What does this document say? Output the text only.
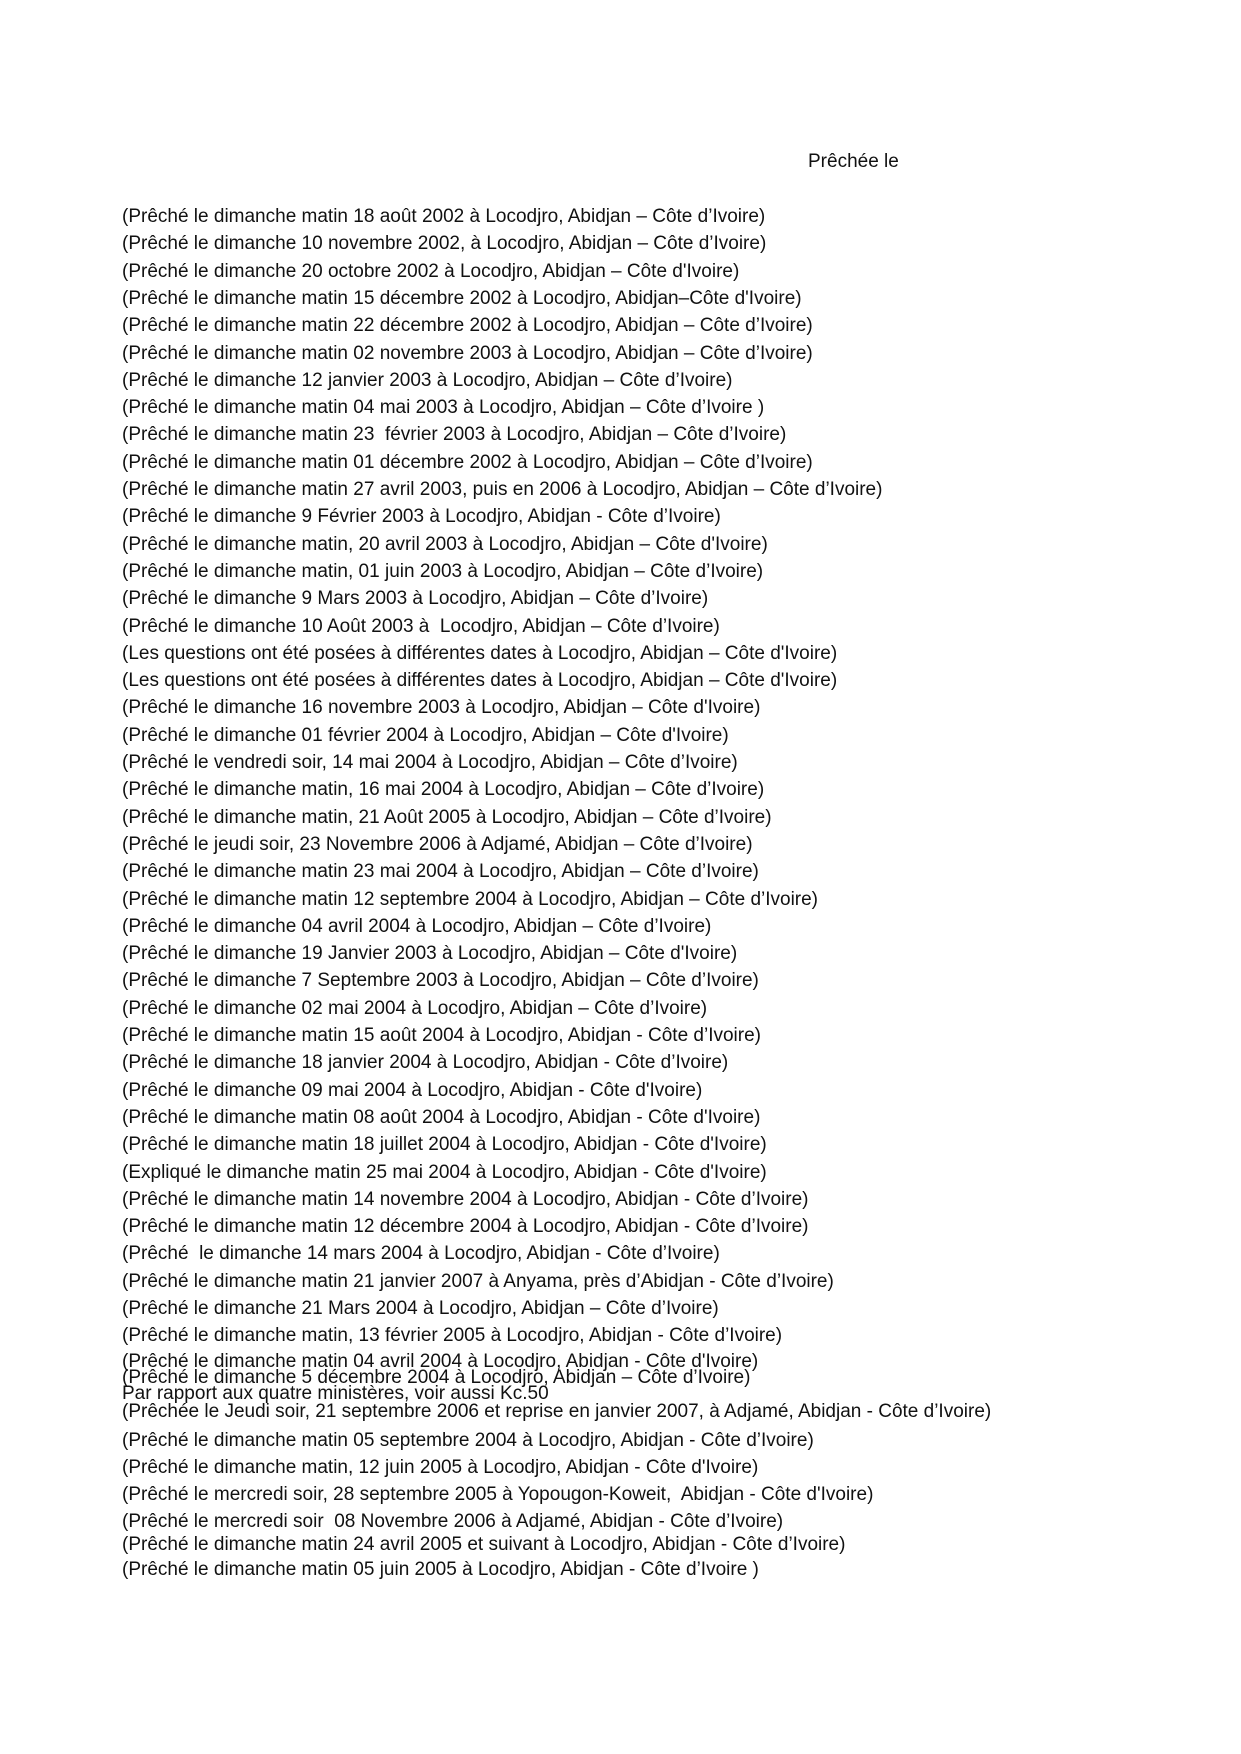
Prêchée le
(Prêché le dimanche matin 18 août 2002 à Locodjro, Abidjan – Côte d’Ivoire)
(Prêché le dimanche 10 novembre 2002, à Locodjro, Abidjan – Côte d’Ivoire)
(Prêché le dimanche 20 octobre 2002 à Locodjro, Abidjan – Côte d'Ivoire)
(Prêché le dimanche matin 15 décembre 2002 à Locodjro, Abidjan–Côte d'Ivoire)
(Prêché le dimanche matin 22 décembre 2002 à Locodjro, Abidjan – Côte d’Ivoire)
(Prêché le dimanche matin 02 novembre 2003 à Locodjro, Abidjan – Côte d’Ivoire)
(Prêché le dimanche 12 janvier 2003 à Locodjro, Abidjan – Côte d’Ivoire)
(Prêché le dimanche matin 04 mai 2003 à Locodjro, Abidjan – Côte d’Ivoire )
(Prêché le dimanche matin 23  février 2003 à Locodjro, Abidjan – Côte d’Ivoire)
(Prêché le dimanche matin 01 décembre 2002 à Locodjro, Abidjan – Côte d’Ivoire)
(Prêché le dimanche matin 27 avril 2003, puis en 2006 à Locodjro, Abidjan – Côte d’Ivoire)
(Prêché le dimanche 9 Février 2003 à Locodjro, Abidjan - Côte d’Ivoire)
(Prêché le dimanche matin, 20 avril 2003 à Locodjro, Abidjan – Côte d'Ivoire)
(Prêché le dimanche matin, 01 juin 2003 à Locodjro, Abidjan – Côte d’Ivoire)
(Prêché le dimanche 9 Mars 2003 à Locodjro, Abidjan – Côte d’Ivoire)
(Prêché le dimanche 10 Août 2003 à  Locodjro, Abidjan – Côte d’Ivoire)
(Les questions ont été posées à différentes dates à Locodjro, Abidjan – Côte d'Ivoire)
(Les questions ont été posées à différentes dates à Locodjro, Abidjan – Côte d'Ivoire)
(Prêché le dimanche 16 novembre 2003 à Locodjro, Abidjan – Côte d'Ivoire)
(Prêché le dimanche 01 février 2004 à Locodjro, Abidjan – Côte d'Ivoire)
(Prêché le vendredi soir, 14 mai 2004 à Locodjro, Abidjan – Côte d’Ivoire)
(Prêché le dimanche matin, 16 mai 2004 à Locodjro, Abidjan – Côte d’Ivoire)
(Prêché le dimanche matin, 21 Août 2005 à Locodjro, Abidjan – Côte d’Ivoire)
(Prêché le jeudi soir, 23 Novembre 2006 à Adjamé, Abidjan – Côte d’Ivoire)
(Prêché le dimanche matin 23 mai 2004 à Locodjro, Abidjan – Côte d’Ivoire)
(Prêché le dimanche matin 12 septembre 2004 à Locodjro, Abidjan – Côte d’Ivoire)
(Prêché le dimanche 04 avril 2004 à Locodjro, Abidjan – Côte d’Ivoire)
(Prêché le dimanche 19 Janvier 2003 à Locodjro, Abidjan – Côte d'Ivoire)
(Prêché le dimanche 7 Septembre 2003 à Locodjro, Abidjan – Côte d’Ivoire)
(Prêché le dimanche 02 mai 2004 à Locodjro, Abidjan – Côte d’Ivoire)
(Prêché le dimanche matin 15 août 2004 à Locodjro, Abidjan - Côte d’Ivoire)
(Prêché le dimanche 18 janvier 2004 à Locodjro, Abidjan - Côte d’Ivoire)
(Prêché le dimanche 09 mai 2004 à Locodjro, Abidjan - Côte d'Ivoire)
(Prêché le dimanche matin 08 août 2004 à Locodjro, Abidjan - Côte d'Ivoire)
(Prêché le dimanche matin 18 juillet 2004 à Locodjro, Abidjan - Côte d'Ivoire)
(Expliqué le dimanche matin 25 mai 2004 à Locodjro, Abidjan - Côte d'Ivoire)
(Prêché le dimanche matin 14 novembre 2004 à Locodjro, Abidjan - Côte d’Ivoire)
(Prêché le dimanche matin 12 décembre 2004 à Locodjro, Abidjan - Côte d’Ivoire)
(Prêché  le dimanche 14 mars 2004 à Locodjro, Abidjan - Côte d’Ivoire)
(Prêché le dimanche matin 21 janvier 2007 à Anyama, près d’Abidjan - Côte d’Ivoire)
(Prêché le dimanche 21 Mars 2004 à Locodjro, Abidjan – Côte d’Ivoire)
(Prêché le dimanche matin, 13 février 2005 à Locodjro, Abidjan - Côte d’Ivoire)
(Prêché le dimanche matin 04 avril 2004 à Locodjro, Abidjan - Côte d'Ivoire)
(Prêché le dimanche 5 décembre 2004 à Locodjro, Abidjan – Côte d’Ivoire)
Par rapport aux quatre ministères, voir aussi Kc.50
(Prêchée le Jeudi soir, 21 septembre 2006 et reprise en janvier 2007, à Adjamé, Abidjan - Côte d’Ivoire)
(Prêché le dimanche matin 05 septembre 2004 à Locodjro, Abidjan - Côte d’Ivoire)
(Prêché le dimanche matin, 12 juin 2005 à Locodjro, Abidjan - Côte d'Ivoire)
(Prêché le mercredi soir, 28 septembre 2005 à Yopougon-Koweit,  Abidjan - Côte d'Ivoire)
(Prêché le mercredi soir  08 Novembre 2006 à Adjamé, Abidjan - Côte d’Ivoire)
(Prêché le dimanche matin 24 avril 2005 et suivant à Locodjro, Abidjan - Côte d’Ivoire)
(Prêché le dimanche matin 05 juin 2005 à Locodjro, Abidjan - Côte d’Ivoire )
